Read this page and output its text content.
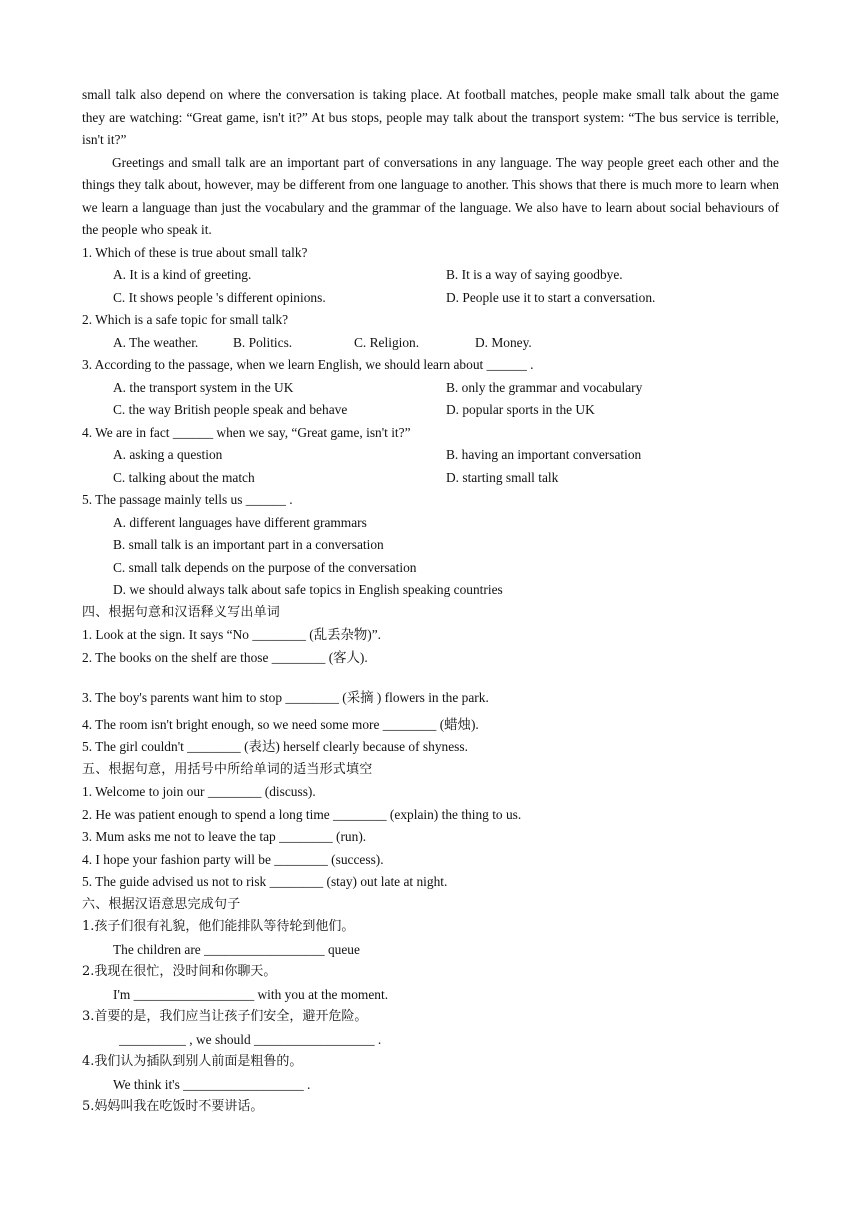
small talk also depend on where the conversation is taking place. At football matches, people make small talk about the game they are watching: “Great game, isn't it?” At bus stops, people may talk about the transport system: “The bus service is terrible, isn't it?”

Greetings and small talk are an important part of conversations in any language. The way people greet each other and the things they talk about, however, may be different from one language to another. This shows that there is much more to learn when we learn a language than just the vocabulary and the grammar of the language. We also have to learn about social behaviours of the people who speak it.

1. Which of these is true about small talk?

A. It is a kind of greeting.	B. It is a way of saying goodbye.
C. It shows people 's different opinions.	D. People use it to start a conversation.

2. Which is a safe topic for small talk?

A. The weather.	B. Politics.	C. Religion.	D. Money.

3. According to the passage, when we learn English, we should learn about ______ .

A. the transport system in the UK	B. only the grammar and vocabulary
C. the way British people speak and behave	D. popular sports in the UK

4. We are in fact ______ when we say, “Great game, isn't it?”

A. asking a question	B. having an important conversation
C. talking about the match	D. starting small talk

5. The passage mainly tells us ______ .

A. different languages have different grammars

B. small talk is an important part in a conversation

C. small talk depends on the purpose of the conversation

D. we should always talk about safe topics in English speaking countries

四、根据句意和汉语释义写出单词

1. Look at the sign. It says “No ________ (乱丢杂物)”.

2. The books on the shelf are those ________ (客人).

3. The boy's parents want him to stop ________ (采摘 ) flowers in the park.

4. The room isn't bright enough, so we need some more ________ (蜡烛).

5. The girl couldn't ________ (表达) herself clearly because of shyness.

五、根据句意，用括号中所给单词的适当形式填空

1. Welcome to join our ________ (discuss).

2. He was patient enough to spend a long time ________ (explain) the thing to us.

3. Mum asks me not to leave the tap ________ (run).

4. I hope your fashion party will be ________ (success).

5. The guide advised us not to risk ________ (stay) out late at night.

六、根据汉语意思完成句子

1.孩子们很有礼貌，他们能排队等待轮到他们。

The children are __________________ queue

2.我现在很忙，没时间和你聊天。

I'm __________________ with you at the moment.

3.首要的是，我们应当让孩子们安全，避开危险。

__________ , we should __________________ .

4.我们认为插队到别人前面是粗鲁的。

We think it's __________________ .

5.妈妈叫我在吃饭时不要讲话。
